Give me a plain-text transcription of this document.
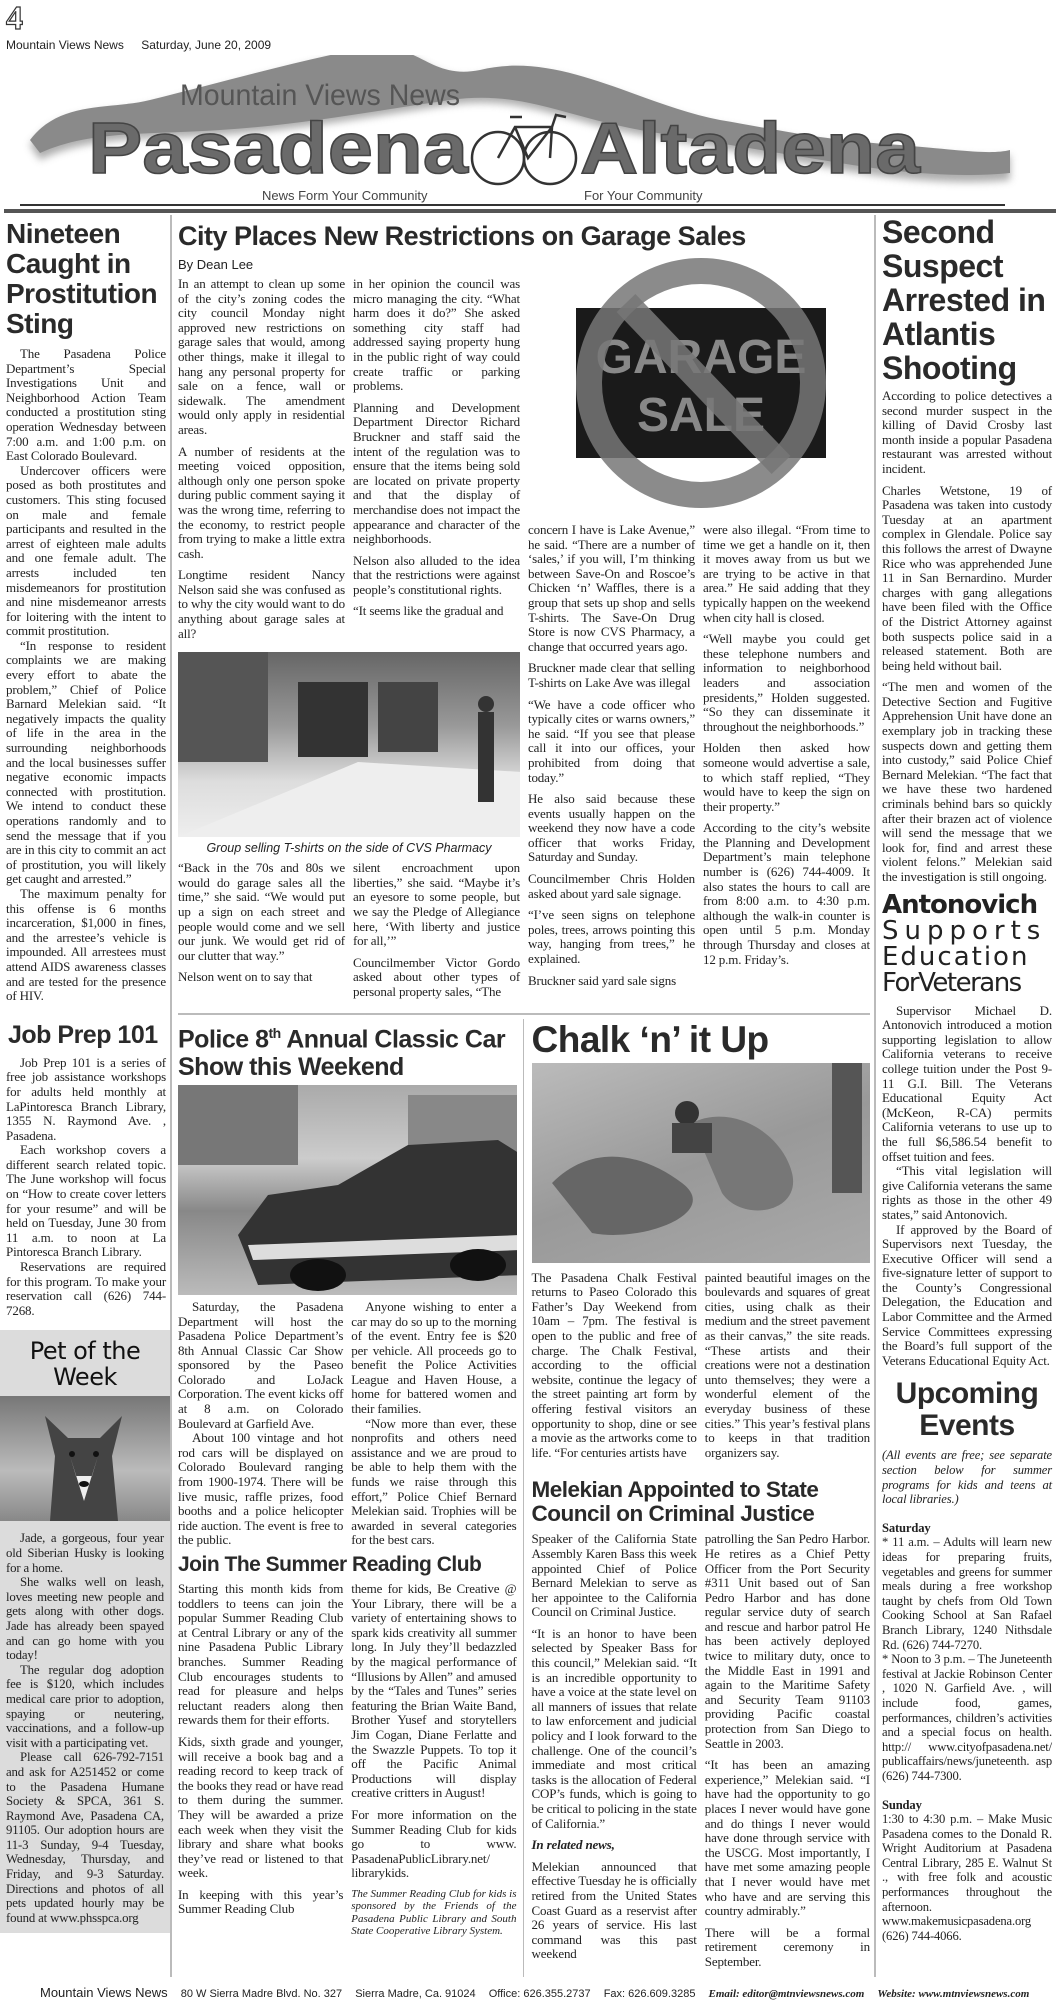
4
Mountain Views News Saturday, June 20, 2009
Mountain Views News
Pasadena Altadena
News Form Your Community	For Your Community
Nineteen Caught in Prostitution Sting

The Pasadena Police Department’s Special Investigations Unit and Neighborhood Action Team conducted a prostitution sting operation Wednesday between 7:00 a.m. and 1:00 p.m. on East Colorado Boulevard.

Undercover officers were posed as both prostitutes and customers. This sting focused on male and female participants and resulted in the arrest of eighteen male adults and one female adult. The arrests included ten misdemeanors for prostitution and nine misdemeanor arrests for loitering with the intent to commit prostitution.

“In response to resident complaints we are making every effort to abate the problem,” Chief of Police Barnard Melekian said. “It negatively impacts the quality of life in the area in the surrounding neighborhoods and the local businesses suffer negative economic impacts connected with prostitution. We intend to conduct these operations randomly and to send the message that if you are in this city to commit an act of prostitution, you will likely get caught and arrested.”

The maximum penalty for this offense is 6 months incarceration, $1,000 in fines, and the arrestee’s vehicle is impounded. All arrestees must attend AIDS awareness classes and are tested for the presence of HIV.

Job Prep 101

Job Prep 101 is a series of free job assistance workshops for adults held monthly at LaPintoresca Branch Library, 1355 N. Raymond Ave. , Pasadena.

Each workshop covers a different search related topic. The June workshop will focus on “How to create cover letters for your resume” and will be held on Tuesday, June 30 from 11 a.m. to noon at La Pintoresca Branch Library.

Reservations are required for this program. To make your reservation call (626) 744-7268.

Pet of the Week

Jade, a gorgeous, four year old Siberian Husky is looking for a home.

She walks well on leash, loves meeting new people and gets along with other dogs. Jade has already been spayed and can go home with you today!

The regular dog adoption fee is $120, which includes medical care prior to adoption, spaying or neutering, vaccinations, and a follow-up visit with a participating vet.

Please call 626-792-7151 and ask for A251452 or come to the Pasadena Humane Society & SPCA, 361 S. Raymond Ave, Pasadena CA, 91105. Our adoption hours are 11-3 Sunday, 9-4 Tuesday, Wednesday, Thursday, and Friday, and 9-3 Saturday. Directions and photos of all pets updated hourly may be found at www.phsspca.org

City Places New Restrictions on Garage Sales
By Dean Lee

In an attempt to clean up some of the city’s zoning codes the city council Monday night approved new restrictions on garage sales that would, among other things, make it illegal to hang any personal property for sale on a fence, wall or sidewalk. The amendment would only apply in residential areas.

A number of residents at the meeting voiced opposition, although only one person spoke during public comment saying it was the wrong time, referring to the economy, to restrict people from trying to make a little extra cash.

Longtime resident Nancy Nelson said she was confused as to why the city would want to do anything about garage sales at all?

in her opinion the council was micro managing the city. “What harm does it do?” She asked something city staff had addressed saying property hung in the public right of way could create traffic or parking problems.

Planning and Development Department Director Richard Bruckner and staff said the intent of the regulation was to ensure that the items being sold are located on private property and that the display of merchandise does not impact the appearance and character of the neighborhoods.

Nelson also alluded to the idea that the restrictions were against people’s constitutional rights.

“It seems like the gradual and

Group selling T-shirts on the side of CVS Pharmacy

“Back in the 70s and 80s we would do garage sales all the time,” she said. “We would put up a sign on each street and people would come and we sell our junk. We would get rid of our clutter that way.”

Nelson went on to say that

silent encroachment upon liberties,” she said. “Maybe it’s an eyesore to some people, but we say the Pledge of Allegiance here, ‘With liberty and justice for all,’”

Councilmember Victor Gordo asked about other types of personal property sales, “The

GARAGE
SALE

concern I have is Lake Avenue,” he said. “There are a number of ‘sales,’ if you will, I’m thinking between Save-On and Roscoe’s Chicken ‘n’ Waffles, there is a group that sets up shop and sells T-shirts. The Save-On Drug Store is now CVS Pharmacy, a change that occurred years ago.

Bruckner made clear that selling T-shirts on Lake Ave was illegal

“We have a code officer who typically cites or warns owners,” he said. “If you see that please call it into our offices, your prohibited from doing that today.”

He also said because these events usually happen on the weekend they now have a code officer that works Friday, Saturday and Sunday.

Councilmember Chris Holden asked about yard sale signage.

“I’ve seen signs on telephone poles, trees, arrows pointing this way, hanging from trees,” he explained.

Bruckner said yard sale signs

were also illegal. “From time to time we get a handle on it, then it moves away from us but we are trying to be active in that area.” He said adding that they typically happen on the weekend when city hall is closed.

“Well maybe you could get these telephone numbers and information to neighborhood leaders and association presidents,” Holden suggested. “So they can disseminate it throughout the neighborhoods.”

Holden then asked how someone would advertise a sale, to which staff replied, “They would have to keep the sign on their property.”

According to the city’s website the Planning and Development Department’s main telephone number is (626) 744-4009. It also states the hours to call are from 8:00 a.m. to 4:30 p.m. although the walk-in counter is open until 5 p.m. Monday through Thursday and closes at 12 p.m. Friday’s.

Police 8th Annual Classic Car Show this Weekend

Saturday, the Pasadena Department will host the Pasadena Police Department’s 8th Annual Classic Car Show sponsored by the Paseo Colorado and LoJack Corporation. The event kicks off at 8 a.m. on Colorado Boulevard at Garfield Ave.

About 100 vintage and hot rod cars will be displayed on Colorado Boulevard ranging from 1900-1974. There will be live music, raffle prizes, food booths and a police helicopter ride auction. The event is free to the public.

Anyone wishing to enter a car may do so up to the morning of the event. Entry fee is $20 per vehicle. All proceeds go to benefit the Police Activities League and Haven House, a home for battered women and their families.

“Now more than ever, these nonprofits and others need assistance and we are proud to be able to help them with the funds we raise through this effort,” Police Chief Bernard Melekian said. Trophies will be awarded in several categories for the best cars.

Join The Summer Reading Club

Starting this month kids from toddlers to teens can join the popular Summer Reading Club at Central Library or any of the nine Pasadena Public Library branches. Summer Reading Club encourages students to read for pleasure and helps reluctant readers along then rewards them for their efforts.

Kids, sixth grade and younger, will receive a book bag and a reading record to keep track of the books they read or have read to them during the summer. They will be awarded a prize each week when they visit the library and share what books they’ve read or listened to that week.

In keeping with this year’s Summer Reading Club

theme for kids, Be Creative @ Your Library, there will be a variety of entertaining shows to spark kids creativity all summer long. In July they’ll bedazzled by the magical performance of “Illusions by Allen” and amused by the “Tales and Tunes” series featuring the Brian Waite Band, Brother Yusef and storytellers Jim Cogan, Diane Ferlatte and the Swazzle Puppets. To top it off the Pacific Animal Productions will display creative critters in August!

For more information on the Summer Reading Club for kids go to www. PasadenaPublicLibrary.net/ librarykids.

The Summer Reading Club for kids is sponsored by the Friends of the Pasadena Public Library and South State Cooperative Library System.
Chalk ‘n’ it Up

The Pasadena Chalk Festival returns to Paseo Colorado this Father’s Day Weekend from 10am – 7pm. The festival is open to the public and free of charge. The Chalk Festival, according to the official website, continue the legacy of the street painting art form by offering festival visitors an opportunity to shop, dine or see a movie as the artworks come to life. “For centuries artists have

painted beautiful images on the boulevards and squares of great cities, using chalk as their medium and the street pavement as their canvas,” the site reads. “These artists and their creations were not a destination unto themselves; they were a wonderful element of the everyday business of these cities.” This year’s festival plans to keeps in that tradition organizers say.

Melekian Appointed to State Council on Criminal Justice

Speaker of the California State Assembly Karen Bass this week appointed Chief of Police Bernard Melekian to serve as her appointee to the California Council on Criminal Justice.

“It is an honor to have been selected by Speaker Bass for this council,” Melekian said. “It is an incredible opportunity to have a voice at the state level on all manners of issues that relate to law enforcement and judicial policy and I look forward to the challenge. One of the council’s immediate and most critical tasks is the allocation of Federal COP’s funds, which is going to be critical to policing in the state of California.”

In related news,

Melekian announced that effective Tuesday he is officially retired from the United States Coast Guard as a reservist after 26 years of service. His last command was this past weekend

patrolling the San Pedro Harbor. He retires as a Chief Petty Officer from the Port Security #311 Unit based out of San Pedro Harbor and has done regular service duty of search and rescue and harbor patrol He has been actively deployed twice to military duty, once to the Middle East in 1991 and again to the Maritime Safety and Security Team 91103 providing Pacific coastal protection from San Diego to Seattle in 2003.

“It has been an amazing experience,” Melekian said. “I have had the opportunity to go places I never would have gone and do things I never would have done through service with the USCG. Most importantly, I have met some amazing people that I never would have met who have and are serving this country admirably.”

There will be a formal retirement ceremony in September.

Second Suspect Arrested in Atlantis Shooting

According to police detectives a second murder suspect in the killing of David Crosby last month inside a popular Pasadena restaurant was arrested without incident.

Charles Wetstone, 19 of Pasadena was taken into custody Tuesday at an apartment complex in Glendale. Police say this follows the arrest of Dwayne Rice who was apprehended June 11 in San Bernardino. Murder charges with gang allegations have been filed with the Office of the District Attorney against both suspects police said in a released statement. Both are being held without bail.

“The men and women of the Detective Section and Fugitive Apprehension Unit have done an exemplary job in tracking these suspects down and getting them into custody,” said Police Chief Bernard Melekian. “The fact that we have these two hardened criminals behind bars so quickly after their brazen act of violence will send the message that we look for, find and arrest these violent felons.” Melekian said the investigation is still ongoing.

Antonovich
Supports
Education
ForVeterans

Supervisor Michael D. Antonovich introduced a motion supporting legislation to allow California veterans to receive college tuition under the Post 9-11 G.I. Bill. The Veterans Educational Equity Act (McKeon, R-CA) permits California veterans to use up to the full $6,586.54 benefit to offset tuition and fees.

“This vital legislation will give California veterans the same rights as those in the other 49 states,” said Antonovich.

If approved by the Board of Supervisors next Tuesday, the Executive Officer will send a five-signature letter of support to the County’s Congressional Delegation, the Education and Labor Committee and the Armed Service Committees expressing the Board’s full support of the Veterans Educational Equity Act.

Upcoming Events
(All events are free; see separate section below for summer programs for kids and teens at local libraries.)
Saturday

* 11 a.m. – Adults will learn new ideas for preparing fruits, vegetables and greens for summer meals during a free workshop taught by chefs from Old Town Cooking School at San Rafael Branch Library, 1240 Nithsdale Rd. (626) 744-7270.

* Noon to 3 p.m. – The Juneteenth festival at Jackie Robinson Center , 1020 N. Garfield Ave. , will include food, games, performances, children’s activities and a special focus on health. http:// www.cityofpasadena.net/ publicaffairs/news/juneteenth. asp (626) 744-7300.

Sunday

1:30 to 4:30 p.m. – Make Music Pasadena comes to the Donald R. Wright Auditorium at Pasadena Central Library, 285 E. Walnut St ., with free folk and acoustic performances throughout the afternoon. www.makemusicpasadena.org (626) 744-4066.

Mountain Views News 80 W Sierra Madre Blvd. No. 327 Sierra Madre, Ca. 91024 Office: 626.355.2737 Fax: 626.609.3285 Email: editor@mtnviewsnews.com Website: www.mtnviewsnews.com
